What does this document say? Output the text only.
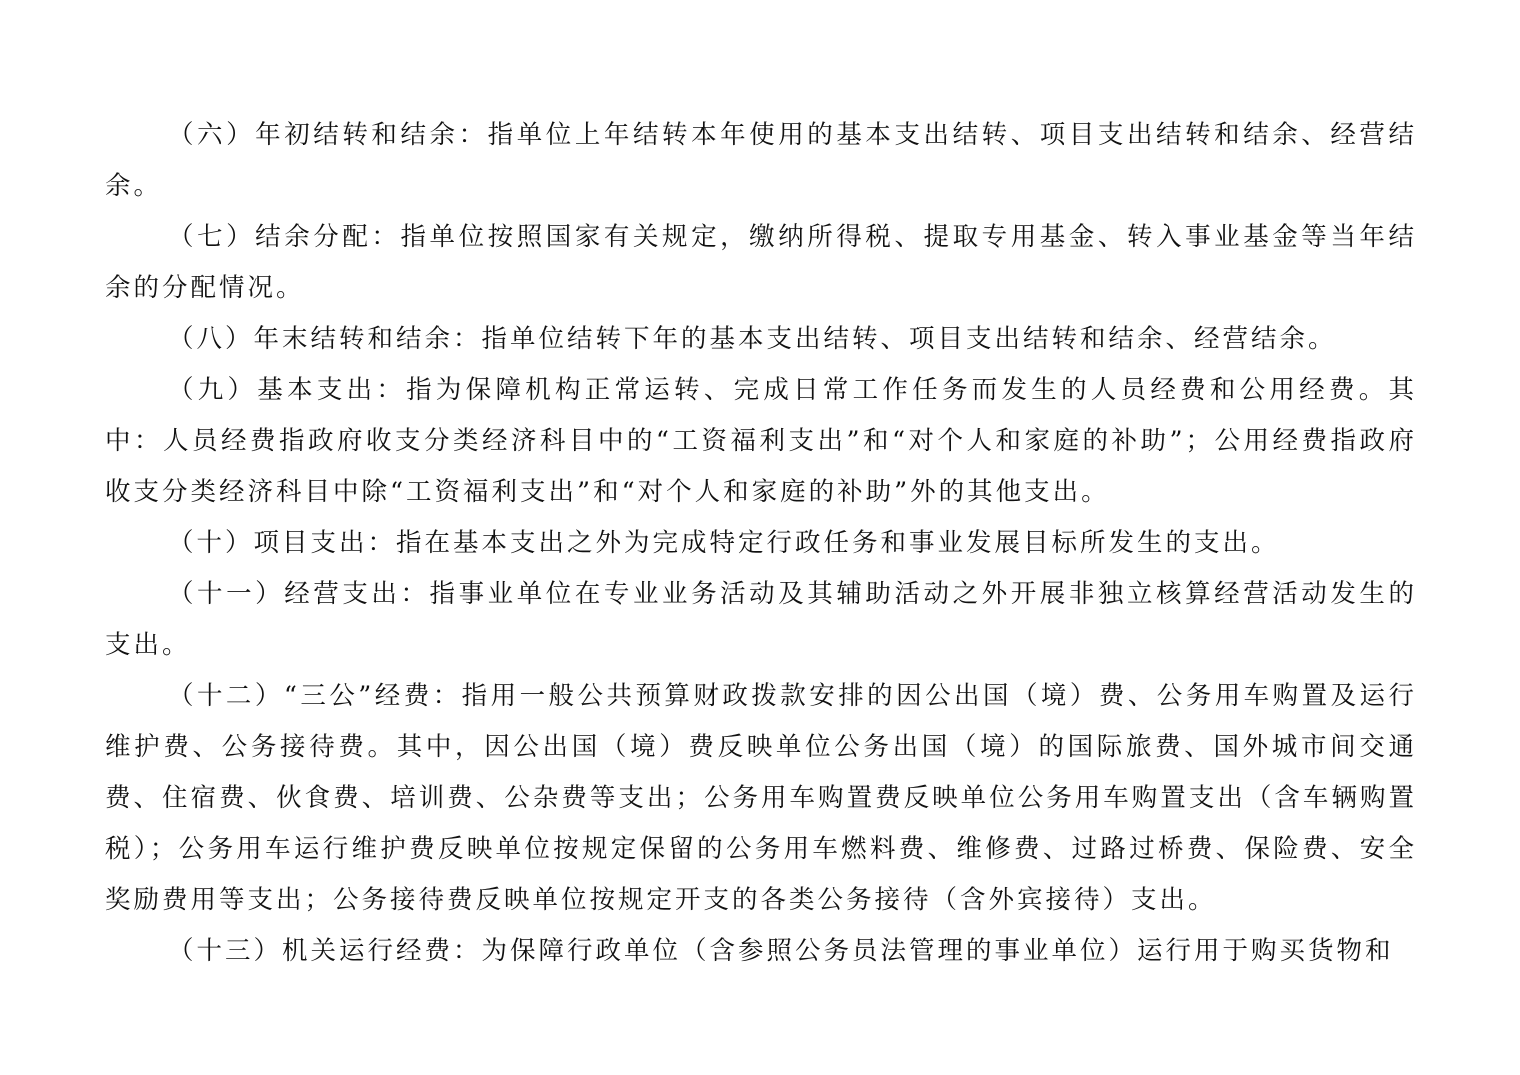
（六）年初结转和结余：指单位上年结转本年使用的基本支出结转、项目支出结转和结余、经营结余。

（七）结余分配：指单位按照国家有关规定，缴纳所得税、提取专用基金、转入事业基金等当年结余的分配情况。

（八）年末结转和结余：指单位结转下年的基本支出结转、项目支出结转和结余、经营结余。

（九）基本支出：指为保障机构正常运转、完成日常工作任务而发生的人员经费和公用经费。其中：人员经费指政府收支分类经济科目中的“工资福利支出”和“对个人和家庭的补助”；公用经费指政府收支分类经济科目中除“工资福利支出”和“对个人和家庭的补助”外的其他支出。

（十）项目支出：指在基本支出之外为完成特定行政任务和事业发展目标所发生的支出。

（十一）经营支出：指事业单位在专业业务活动及其辅助活动之外开展非独立核算经营活动发生的支出。

（十二）“三公”经费：指用一般公共预算财政拨款安排的因公出国（境）费、公务用车购置及运行维护费、公务接待费。其中，因公出国（境）费反映单位公务出国（境）的国际旅费、国外城市间交通费、住宿费、伙食费、培训费、公杂费等支出；公务用车购置费反映单位公务用车购置支出（含车辆购置税）；公务用车运行维护费反映单位按规定保留的公务用车燃料费、维修费、过路过桥费、保险费、安全奖励费用等支出；公务接待费反映单位按规定开支的各类公务接待（含外宾接待）支出。

（十三）机关运行经费：为保障行政单位（含参照公务员法管理的事业单位）运行用于购买货物和
